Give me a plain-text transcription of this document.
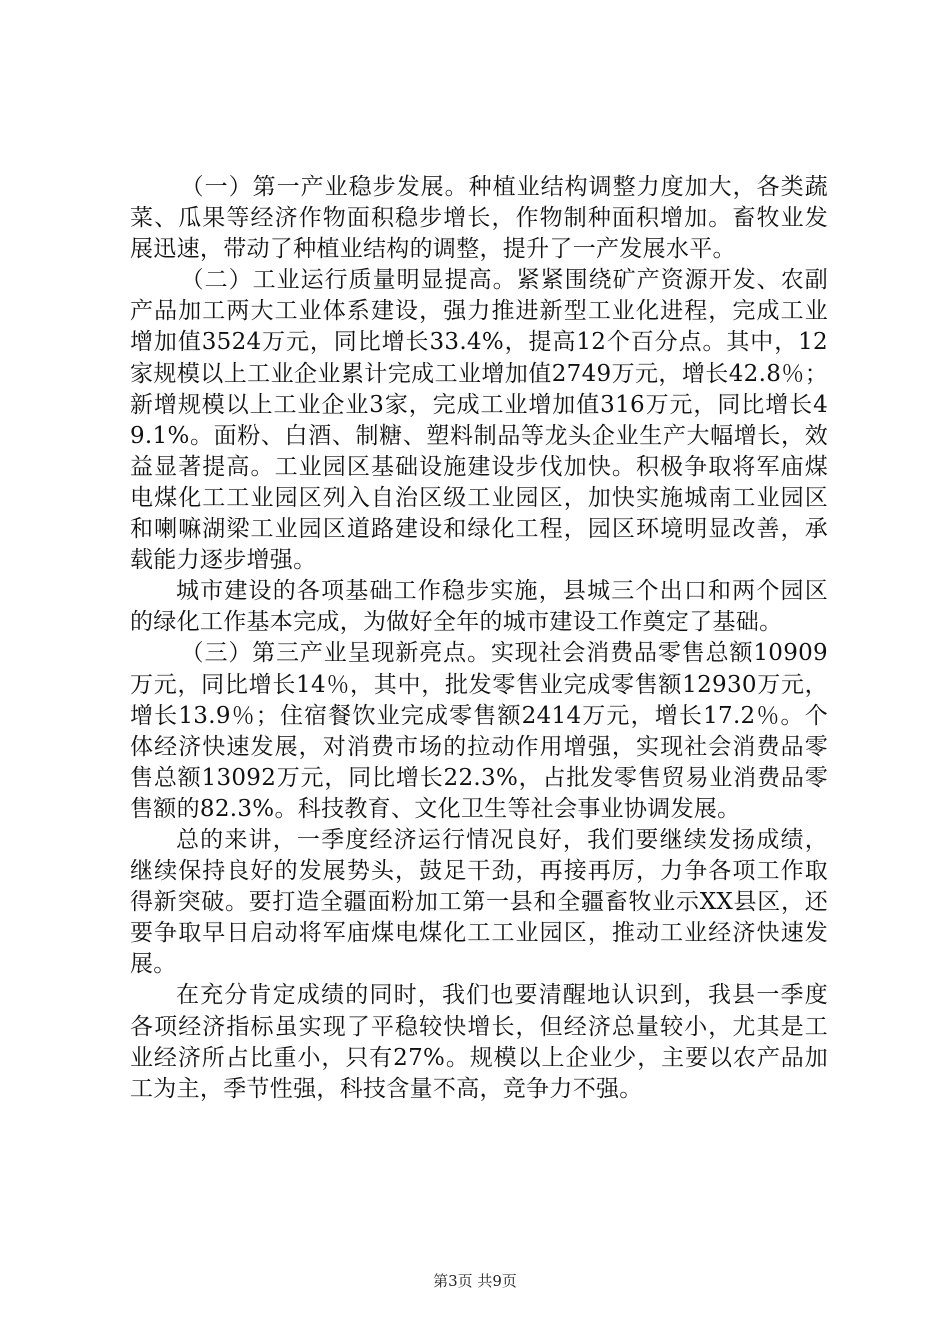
（一）第一产业稳步发展。种植业结构调整力度加大，各类蔬菜、瓜果等经济作物面积稳步增长，作物制种面积增加。畜牧业发展迅速，带动了种植业结构的调整，提升了一产发展水平。

（二）工业运行质量明显提高。紧紧围绕矿产资源开发、农副产品加工两大工业体系建设，强力推进新型工业化进程，完成工业增加值3524万元，同比增长33.4%，提高12个百分点。其中，12家规模以上工业企业累计完成工业增加值2749万元，增长42.8％；新增规模以上工业企业3家，完成工业增加值316万元，同比增长49.1%。面粉、白酒、制糖、塑料制品等龙头企业生产大幅增长，效益显著提高。工业园区基础设施建设步伐加快。积极争取将军庙煤电煤化工工业园区列入自治区级工业园区，加快实施城南工业园区和喇嘛湖梁工业园区道路建设和绿化工程，园区环境明显改善，承载能力逐步增强。

城市建设的各项基础工作稳步实施，县城三个出口和两个园区的绿化工作基本完成，为做好全年的城市建设工作奠定了基础。

（三）第三产业呈现新亮点。实现社会消费品零售总额10909万元，同比增长14％，其中，批发零售业完成零售额12930万元，增长13.9％；住宿餐饮业完成零售额2414万元，增长17.2％。个体经济快速发展，对消费市场的拉动作用增强，实现社会消费品零售总额13092万元，同比增长22.3%，占批发零售贸易业消费品零售额的82.3%。科技教育、文化卫生等社会事业协调发展。

总的来讲，一季度经济运行情况良好，我们要继续发扬成绩，继续保持良好的发展势头，鼓足干劲，再接再厉，力争各项工作取得新突破。要打造全疆面粉加工第一县和全疆畜牧业示XX县区，还要争取早日启动将军庙煤电煤化工工业园区，推动工业经济快速发展。

在充分肯定成绩的同时，我们也要清醒地认识到，我县一季度各项经济指标虽实现了平稳较快增长，但经济总量较小，尤其是工业经济所占比重小，只有27%。规模以上企业少，主要以农产品加工为主，季节性强，科技含量不高，竞争力不强。

第3页 共9页
